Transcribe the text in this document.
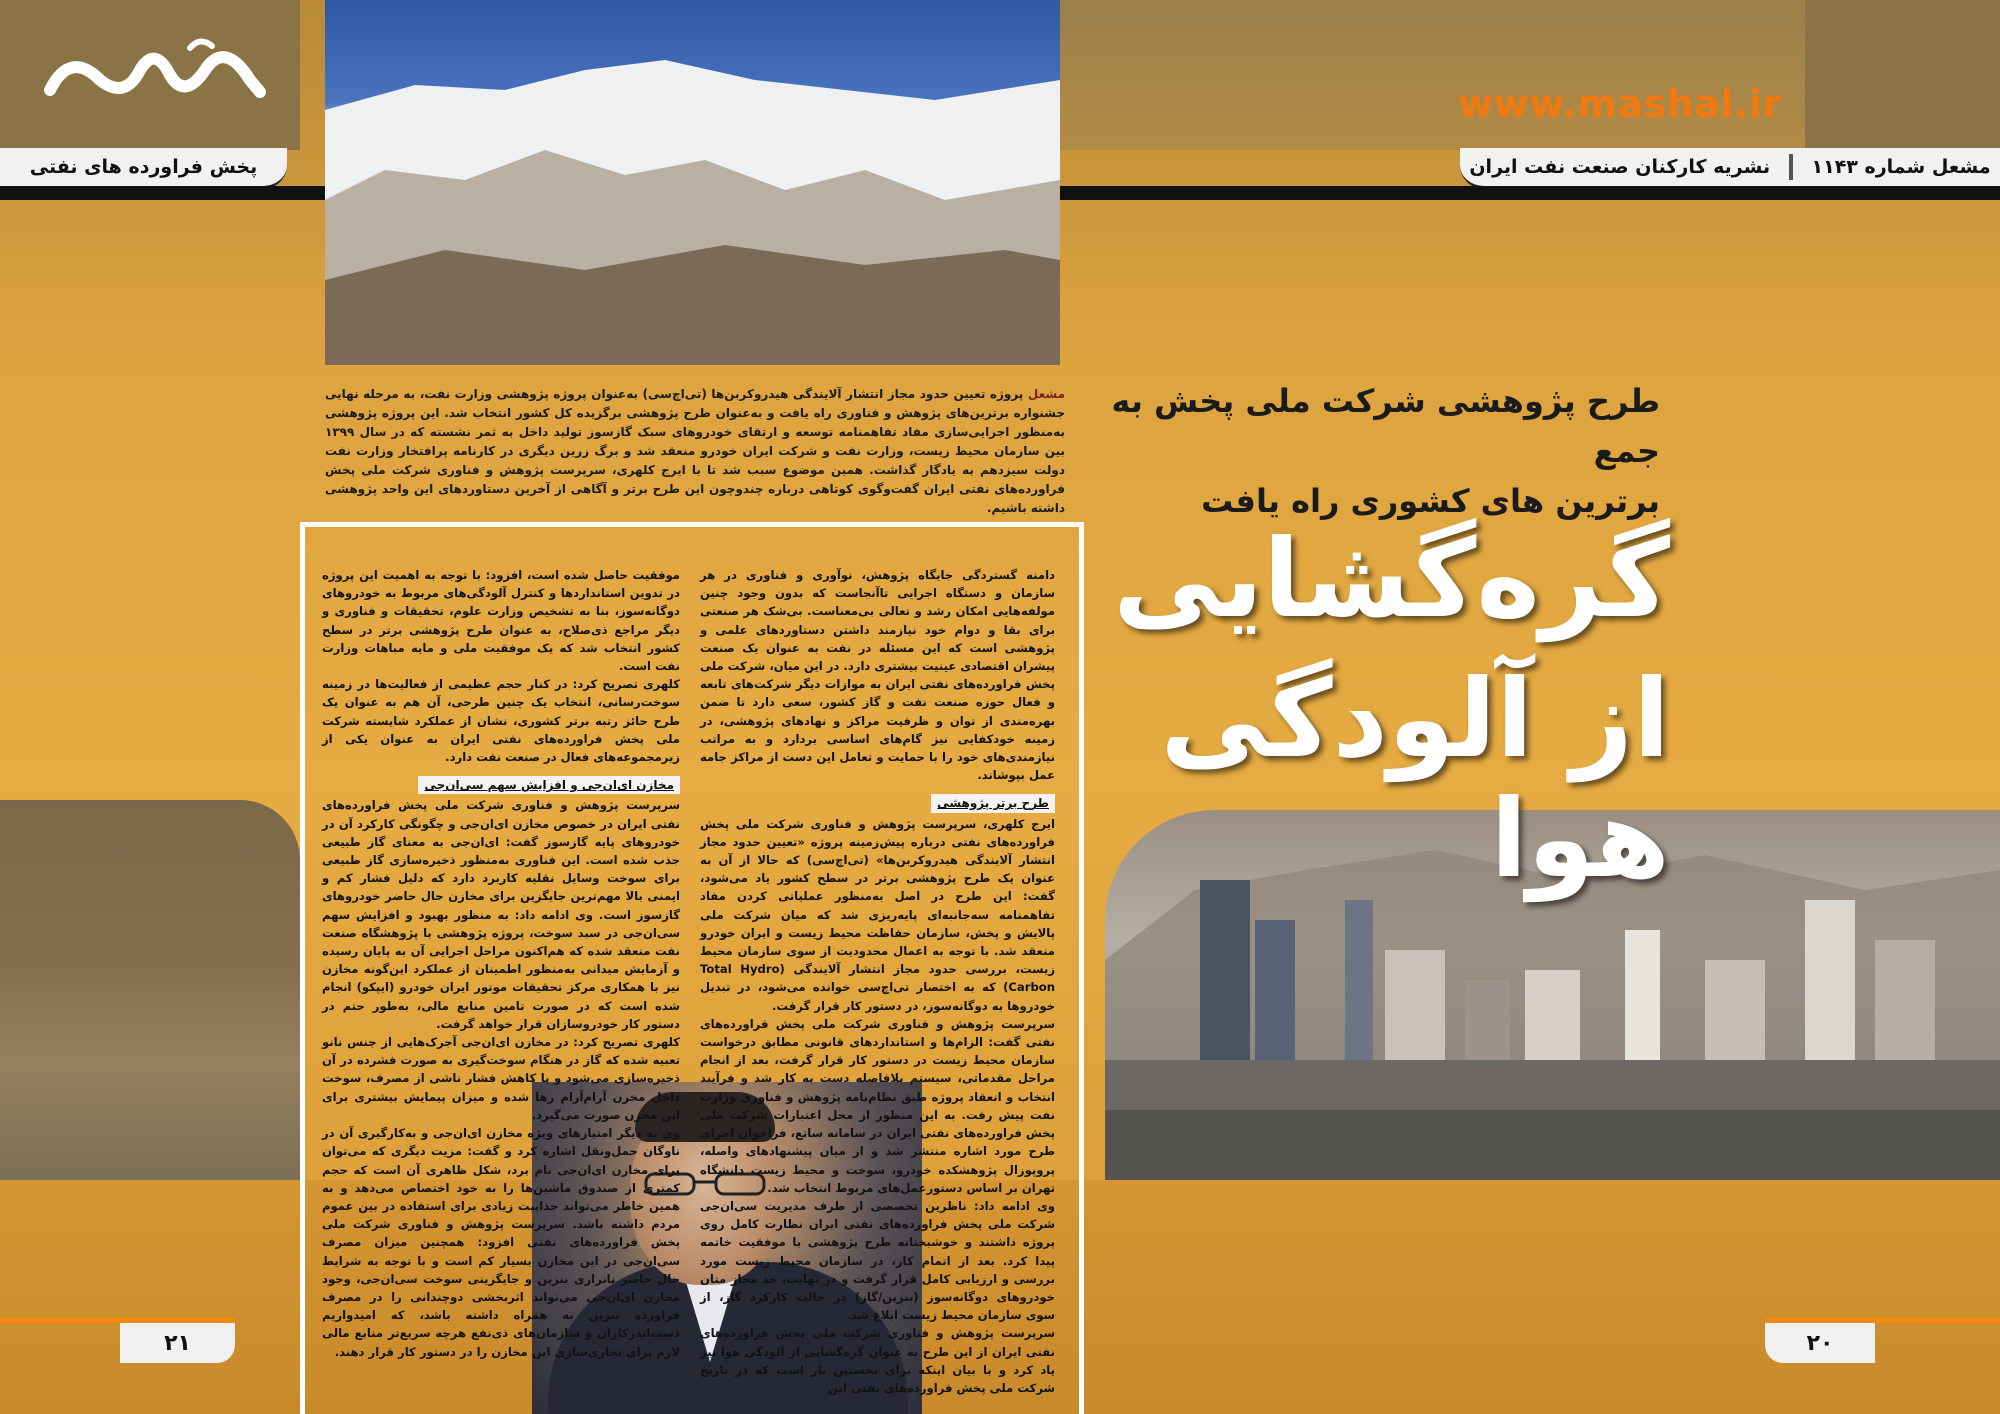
www.mashal.ir
پخش فراورده های نفتی	نشریه کارکنان صنعت نفت ایران مشعل شماره ۱۱۴۳
طرح پژوهشی شرکت ملی پخش به جمع
برترین های کشوری راه یافت
گره‌گشایی
از آلودگی هوا
مشعل پروژه تعیین حدود مجاز انتشار آلایندگی هیدروکربن‌ها (تی‌اچ‌سی) به‌عنوان پروژه پژوهشی وزارت نفت، به مرحله نهایی جشنواره برترین‌های پژوهش و فناوری راه یافت و به‌عنوان طرح پژوهشی برگزیده کل کشور انتخاب شد. این پروژه پژوهشی به‌منظور اجرایی‌سازی مفاد تفاهمنامه توسعه و ارتقای خودروهای سبک گازسوز تولید داخل به ثمر نشسته که در سال ۱۳۹۹ بین سازمان محیط زیست، وزارت نفت و شرکت ایران خودرو منعقد شد و برگ زرین دیگری در کارنامه پرافتخار وزارت نفت دولت سیزدهم به یادگار گذاشت. همین موضوع سبب شد تا با ایرج کلهری، سرپرست پژوهش و فناوری شرکت ملی پخش فراورده‌های نفتی ایران گفت‌وگوی کوتاهی درباره چندوچون این طرح برتر و آگاهی از آخرین دستاوردهای این واحد پژوهشی داشته باشیم.
دامنه گستردگی جایگاه پژوهش، نوآوری و فناوری در هر سازمان و دستگاه اجرایی تاآنجاست که بدون وجود چنین مولفه‌هایی امکان رشد و تعالی بی‌معناست. بی‌شک هر صنعتی برای بقا و دوام خود نیازمند داشتن دستاوردهای علمی و پژوهشی است که این مسئله در نفت به عنوان یک صنعت پیشران اقتصادی عینیت بیشتری دارد. در این میان، شرکت ملی پخش فراورده‌های نفتی ایران به موازات دیگر شرکت‌های تابعه و فعال حوزه صنعت نفت و گاز کشور، سعی دارد تا ضمن بهره‌مندی از توان و ظرفیت مراکز و نهادهای پژوهشی، در زمینه خودکفایی نیز گام‌های اساسی بردارد و به مراتب نیازمندی‌های خود را با حمایت و تعامل این دست از مراکز جامه عمل بپوشاند.
طرح برتر پژوهشی
ایرج کلهری، سرپرست پژوهش و فناوری شرکت ملی پخش فراورده‌های نفتی درباره پیش‌زمینه پروژه «تعیین حدود مجاز انتشار آلایندگی هیدروکربن‌ها» (تی‌اچ‌سی) که حالا از آن به عنوان یک طرح پژوهشی برتر در سطح کشور یاد می‌شود، گفت: این طرح در اصل به‌منظور عملیاتی کردن مفاد تفاهمنامه سه‌جانبه‌ای پایه‌ریزی شد که میان شرکت ملی پالایش و پخش، سازمان حفاظت محیط زیست و ایران خودرو منعقد شد. با توجه به اعمال محدودیت از سوی سازمان محیط زیست، بررسی حدود مجاز انتشار آلایندگی (Total Hydro Carbon) که به اختصار تی‌اچ‌سی خوانده می‌شود، در تبدیل خودروها به دوگانه‌سوز، در دستور کار قرار گرفت.
سرپرست پژوهش و فناوری شرکت ملی پخش فراورده‌های نفتی گفت: الزام‌ها و استانداردهای قانونی مطابق درخواست سازمان محیط زیست در دستور کار قرار گرفت، بعد از انجام مراحل مقدماتی، سیستم بلافاصله دست به کار شد و فرآیند انتخاب و انعقاد پروژه طبق نظام‌نامه پژوهش و فناوری وزارت نفت پیش رفت. به این منظور از محل اعتبارات شرکت ملی پخش فراورده‌های نفتی ایران در سامانه ساتع، فراخوان اجرای طرح مورد اشاره منتشر شد و از میان پیشنهادهای واصله، پروپوزال پژوهشکده خودرو، سوخت و محیط زیست دانشگاه تهران بر اساس دستورعمل‌های مربوط انتخاب شد.
وی ادامه داد: ناظرین تخصصی از طرف مدیریت سی‌ان‌جی شرکت ملی پخش فراورده‌های نفتی ایران نظارت کامل روی پروژه داشتند و خوشبختانه طرح پژوهشی با موفقیت خاتمه پیدا کرد. بعد از اتمام کار، در سازمان محیط زیست مورد بررسی و ارزیابی کامل قرار گرفت و در نهایت، حد مجاز متان خودروهای دوگانه‌سوز (بنزین/گاز) در حالت کارکرد گاز، از سوی سازمان محیط زیست ابلاغ شد.
سرپرست پژوهش و فناوری شرکت ملی پخش فراورده‌های نفتی ایران از این طرح به عنوان گره‌گشایی از آلودگی هوا نیز یاد کرد و با بیان اینکه برای نخستین بار است که در تاریخ شرکت ملی پخش فراورده‌های نفتی این
موفقیت حاصل شده است، افزود: با توجه به اهمیت این پروژه در تدوین استانداردها و کنترل آلودگی‌های مربوط به خودروهای دوگانه‌سوز، بنا به تشخیص وزارت علوم، تحقیقات و فناوری و دیگر مراجع ذی‌صلاح، به عنوان طرح پژوهشی برتر در سطح کشور انتخاب شد که یک موفقیت ملی و مایه مباهات وزارت نفت است.
کلهری تصریح کرد: در کنار حجم عظیمی از فعالیت‌ها در زمینه سوخت‌رسانی، انتخاب یک چنین طرحی، آن هم به عنوان یک طرح حائز رتبه برتر کشوری، نشان از عملکرد شایسته شرکت ملی پخش فراورده‌های نفتی ایران به عنوان یکی از زیرمجموعه‌های فعال در صنعت نفت دارد.
مخازن ای‌ان‌جی و افزایش سهم سی‌ان‌جی
سرپرست پژوهش و فناوری شرکت ملی پخش فراورده‌های نفتی ایران در خصوص مخازن ای‌ان‌جی و چگونگی کارکرد آن در خودروهای پایه گازسوز گفت: ای‌ان‌جی به معنای گاز طبیعی جذب شده است. این فناوری به‌منظور ذخیره‌سازی گاز طبیعی برای سوخت وسایل نقلیه کاربرد دارد که دلیل فشار کم و ایمنی بالا مهم‌ترین جایگزین برای مخازن حال حاضر خودروهای گازسوز است. وی ادامه داد: به منظور بهبود و افزایش سهم سی‌ان‌جی در سبد سوخت، پروژه پژوهشی با پژوهشگاه صنعت نفت منعقد شده که هم‌اکنون مراحل اجرایی آن به پایان رسیده و آزمایش میدانی به‌منظور اطمینان از عملکرد این‌گونه مخازن نیز با همکاری مرکز تحقیقات موتور ایران خودرو (ایپکو) انجام شده است که در صورت تامین منابع مالی، به‌طور حتم در دستور کار خودروسازان قرار خواهد گرفت.
کلهری تصریح کرد: در مخازن ای‌ان‌جی آجرک‌هایی از جنس نانو تعبیه شده که گاز در هنگام سوخت‌گیری به صورت فشرده در آن ذخیره‌سازی می‌شود و با کاهش فشار ناشی از مصرف، سوخت داخل مخزن آرام‌آرام رها شده و میزان پیمایش بیشتری برای این مخزن صورت می‌گیرد.
وی به دیگر امتیازهای ویژه مخازن ای‌ان‌جی و به‌کارگیری آن در ناوگان حمل‌ونقل اشاره کرد و گفت: مزیت دیگری که می‌توان برای مخازن ای‌ان‌جی نام برد، شکل ظاهری آن است که حجم کمتری از صندوق ماشین‌ها را به خود اختصاص می‌دهد و به همین خاطر می‌تواند جذابیت زیادی برای استفاده در بین عموم مردم داشته باشد. سرپرست پژوهش و فناوری شرکت ملی پخش فراورده‌های نفتی افزود: همچنین میزان مصرف سی‌ان‌جی در این مخازن بسیار کم است و با توجه به شرایط حال حاضر ناترازی بنزین و جایگزینی سوخت سی‌ان‌جی، وجود مخازن ای‌ان‌جی می‌تواند اثربخشی دوچندانی را در مصرف فراورده بنزین به همراه داشته باشد، که امیدواریم دست‌اندرکاران و سازمان‌های ذی‌نفع هرچه سریع‌تر منابع مالی لازم برای تجاری‌سازی این مخازن را در دستور کار قرار دهند.
۲۱	۲۰
